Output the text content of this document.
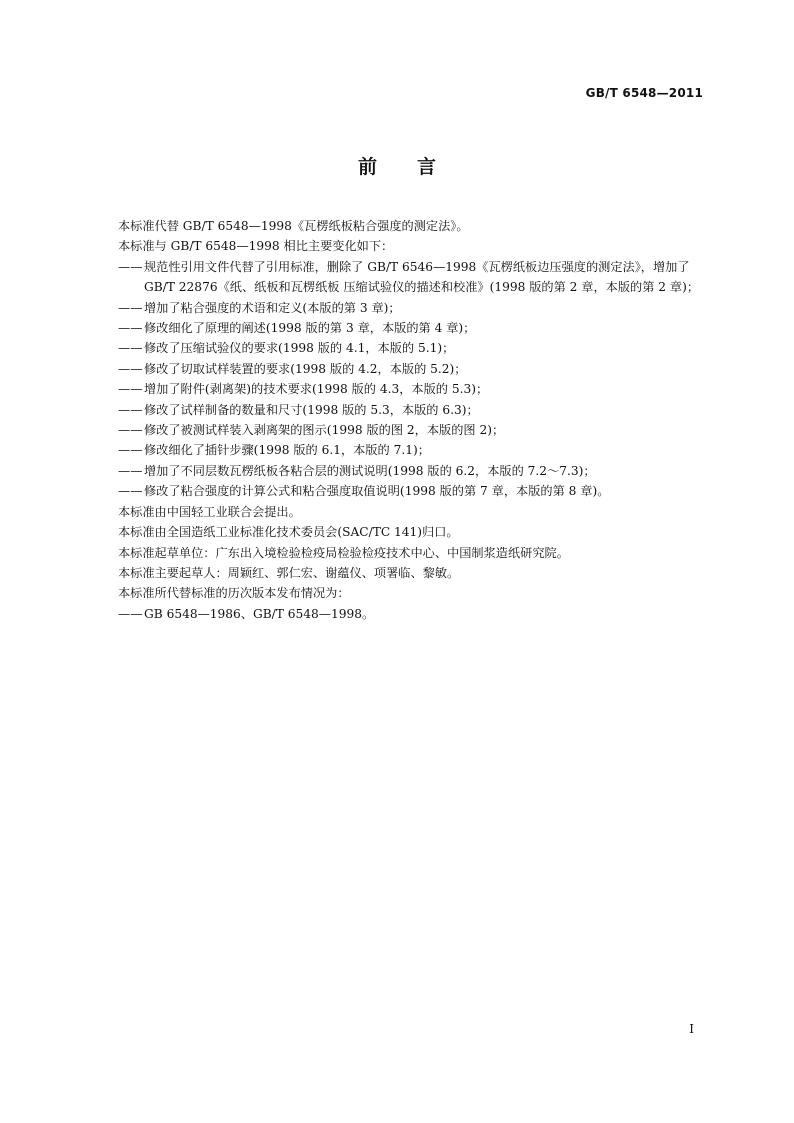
GB/T 6548—2011
前言

本标准代替 GB/T 6548—1998《瓦楞纸板粘合强度的测定法》。

本标准与 GB/T 6548—1998 相比主要变化如下：

—— 规范性引用文件代替了引用标准，删除了 GB/T 6546—1998《瓦楞纸板边压强度的测定法》，增加了 GB/T 22876《纸、纸板和瓦楞纸板 压缩试验仪的描述和校准》(1998 版的第 2 章，本版的第 2 章)；
—— 增加了粘合强度的术语和定义(本版的第 3 章)；
—— 修改细化了原理的阐述(1998 版的第 3 章，本版的第 4 章)；
—— 修改了压缩试验仪的要求(1998 版的 4.1，本版的 5.1)；
—— 修改了切取试样装置的要求(1998 版的 4.2，本版的 5.2)；
—— 增加了附件(剥离架)的技术要求(1998 版的 4.3，本版的 5.3)；
—— 修改了试样制备的数量和尺寸(1998 版的 5.3，本版的 6.3)；
—— 修改了被测试样装入剥离架的图示(1998 版的图 2，本版的图 2)；
—— 修改细化了插针步骤(1998 版的 6.1，本版的 7.1)；
—— 增加了不同层数瓦楞纸板各粘合层的测试说明(1998 版的 6.2，本版的 7.2～7.3)；
—— 修改了粘合强度的计算公式和粘合强度取值说明(1998 版的第 7 章，本版的第 8 章)。

本标准由中国轻工业联合会提出。

本标准由全国造纸工业标准化技术委员会(SAC/TC 141)归口。

本标准起草单位：广东出入境检验检疫局检验检疫技术中心、中国制浆造纸研究院。

本标准主要起草人：周颖红、郭仁宏、谢蕴仪、项署临、黎敏。

本标准所代替标准的历次版本发布情况为：

—— GB 6548—1986、GB/T 6548—1998。
I
